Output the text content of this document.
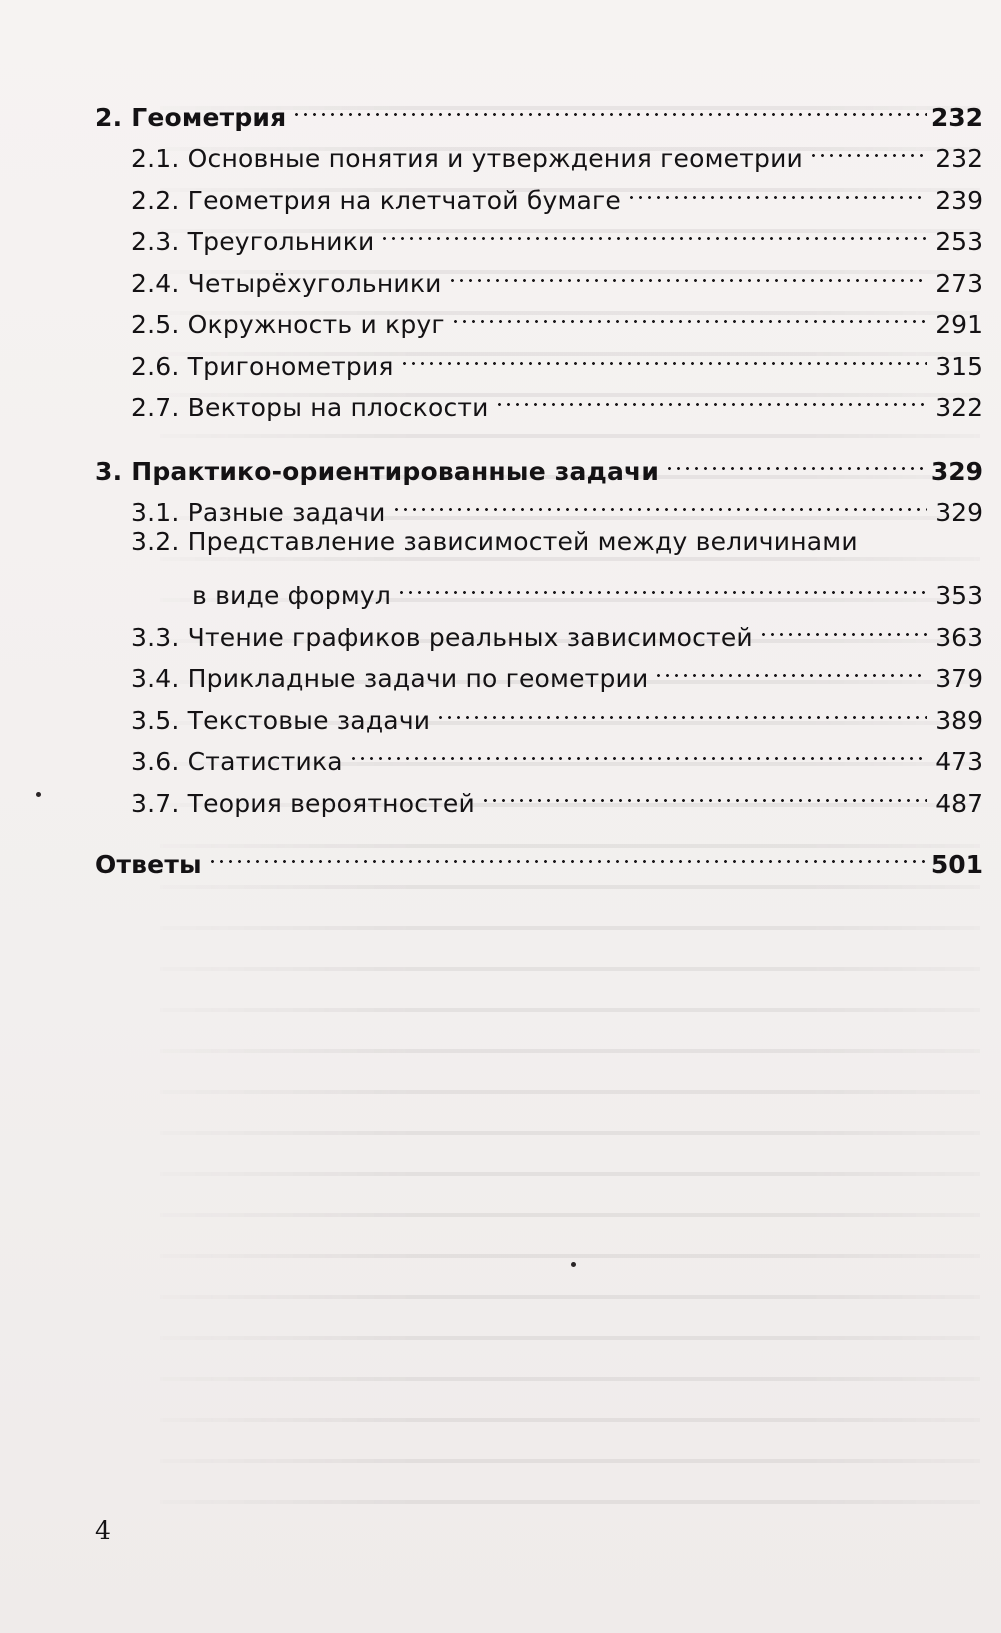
2. Геометрия	232
2.1. Основные понятия и утверждения геометрии	232
2.2. Геометрия на клетчатой бумаге	239
2.3. Треугольники	253
2.4. Четырёхугольники	273
2.5. Окружность и круг	291
2.6. Тригонометрия	315
2.7. Векторы на плоскости	322
3. Практико-ориентированные задачи	329
3.1. Разные задачи	329
3.2. Представление зависимостей между величинами
в виде формул	353
3.3. Чтение графиков реальных зависимостей	363
3.4. Прикладные задачи по геометрии	379
3.5. Текстовые задачи	389
3.6. Статистика	473
3.7. Теория вероятностей	487
Ответы	501
4
